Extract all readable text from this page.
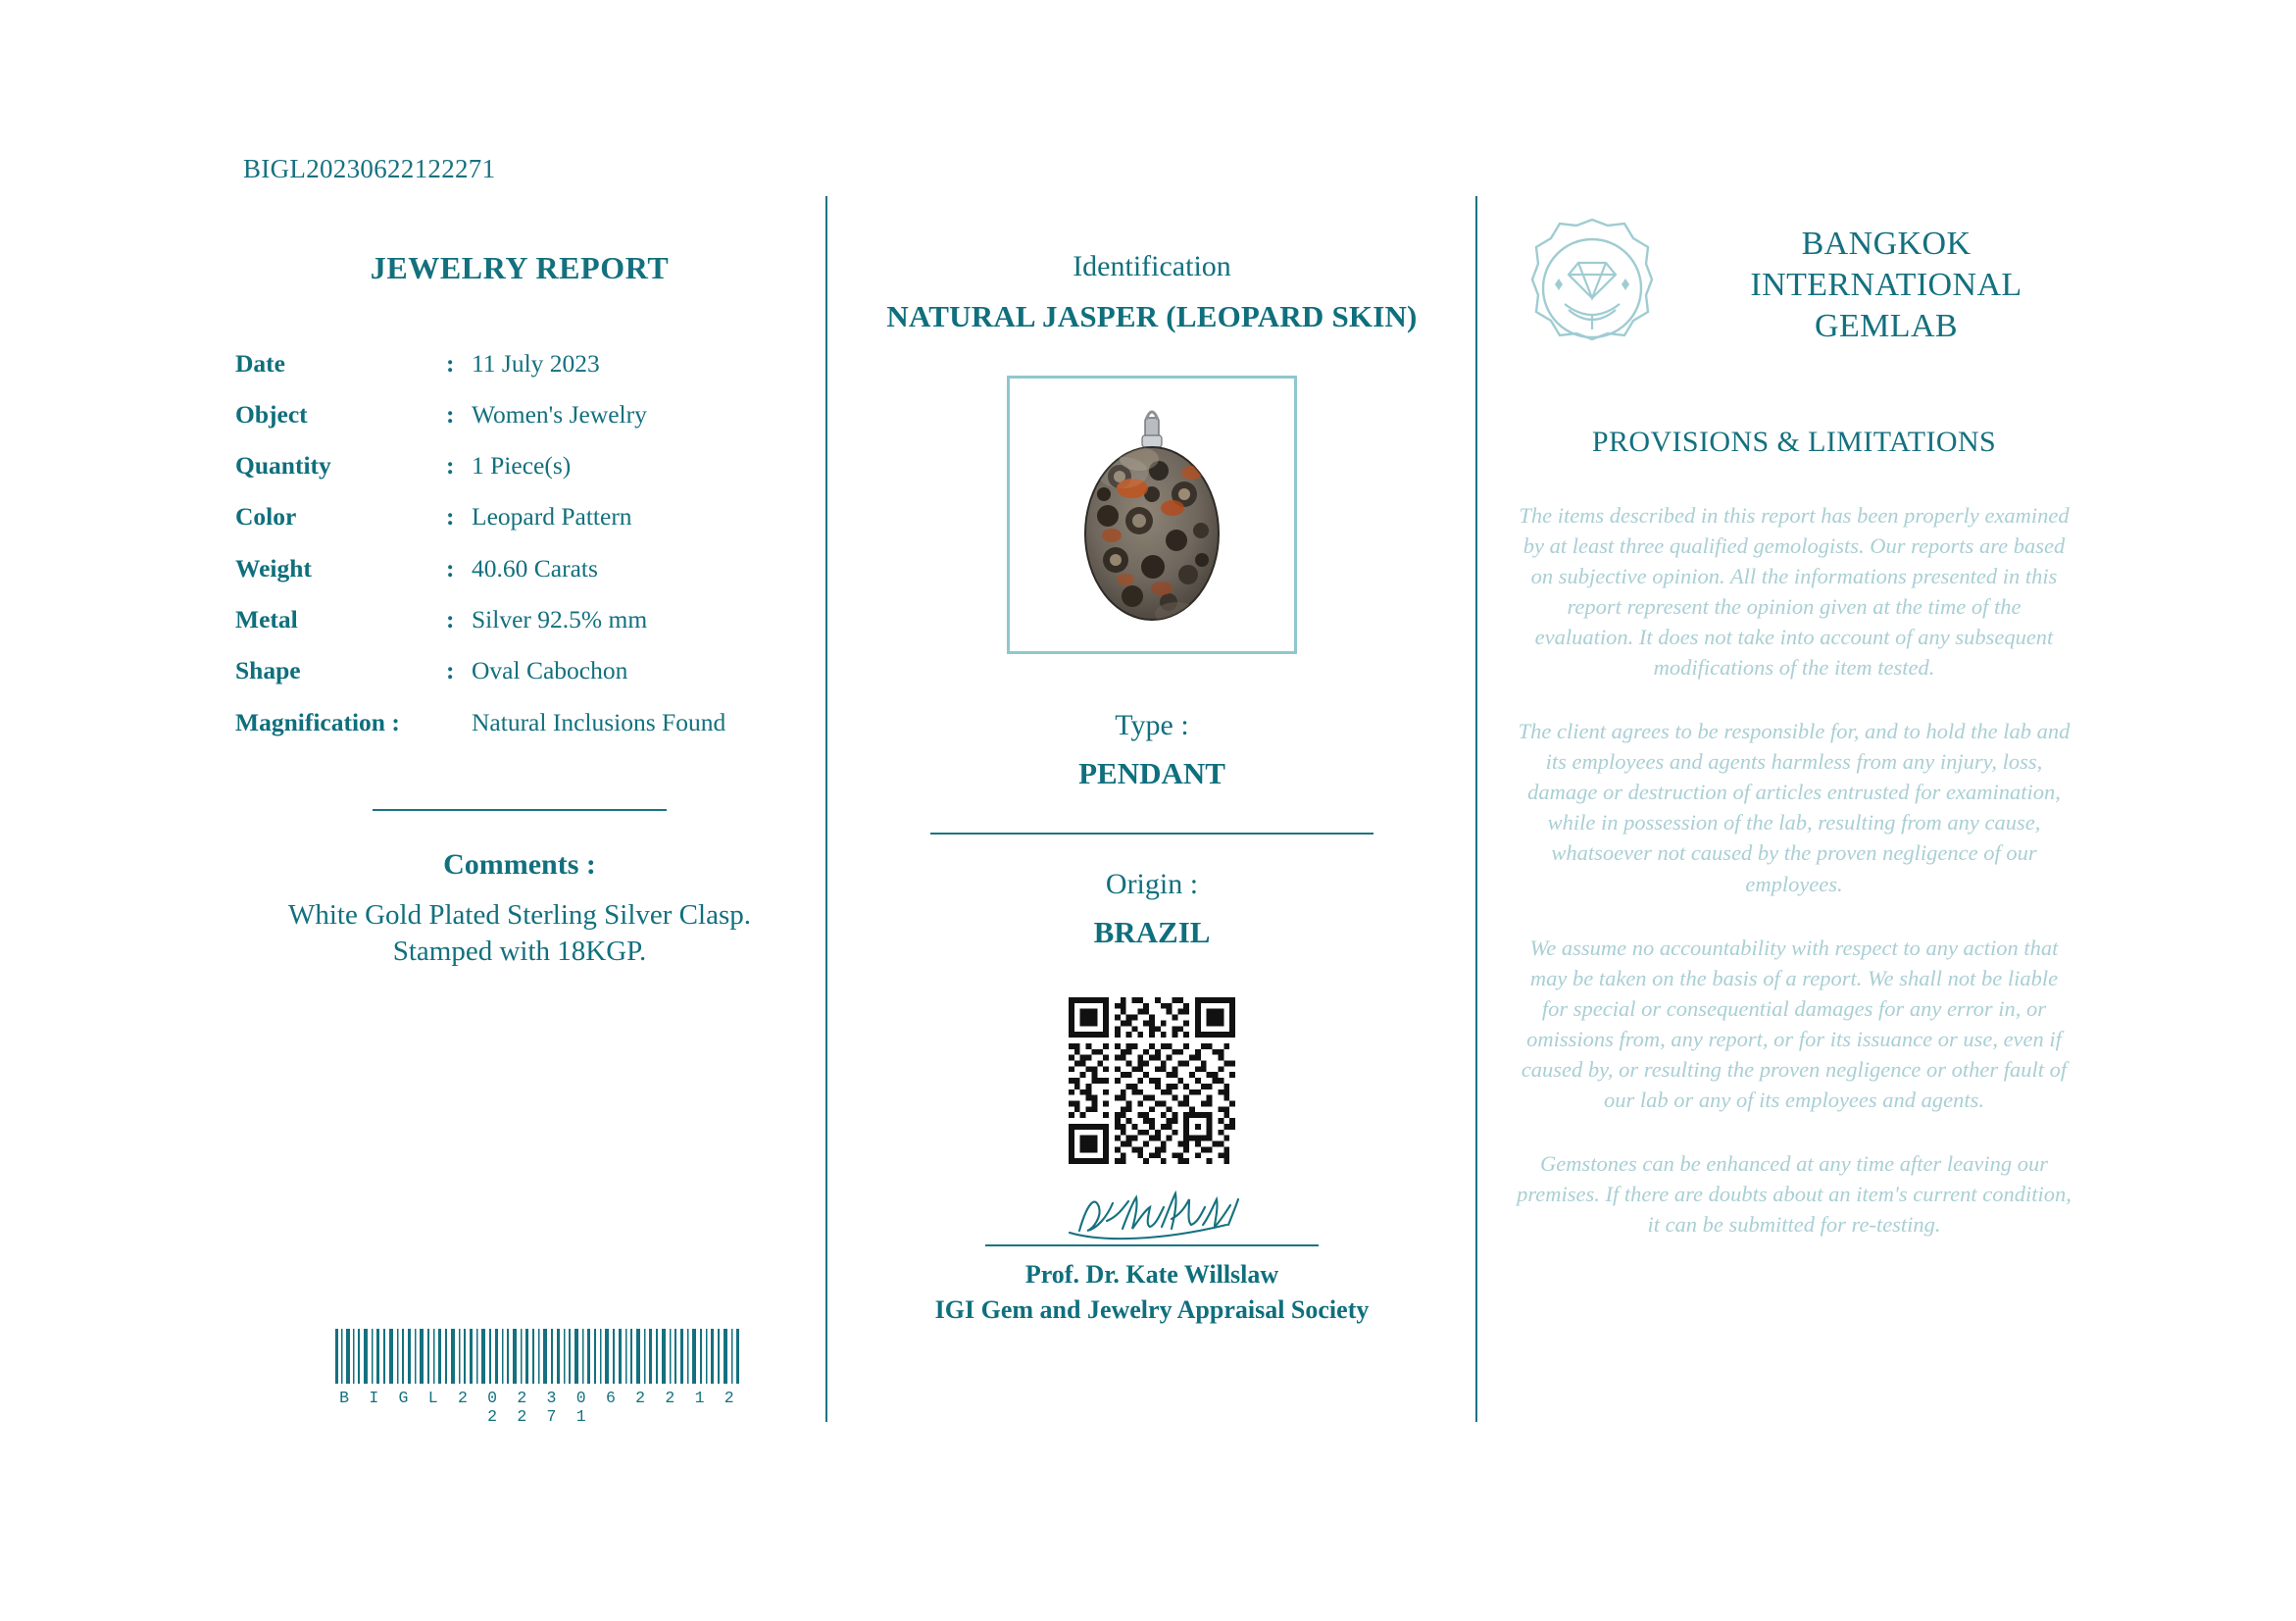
BIGL20230622122271
JEWELRY REPORT
Date	:	11 July 2023
Object	:	Women's Jewelry
Quantity	:	1 Piece(s)
Color	:	Leopard Pattern
Weight	:	40.60 Carats
Metal	:	Silver 92.5% mm
Shape	:	Oval Cabochon
Magnification :		Natural Inclusions Found
Comments :
White Gold Plated Sterling Silver Clasp.
Stamped with 18KGP.
B I G L 2 0 2 3 0 6 2 2 1 2 2 2 7 1
Identification
NATURAL JASPER (LEOPARD SKIN)
Type :
PENDANT
Origin :
BRAZIL
Prof. Dr. Kate Willslaw
IGI Gem and Jewelry Appraisal Society
BANGKOK
INTERNATIONAL
GEMLAB
PROVISIONS & LIMITATIONS
The items described in this report has been properly examined by at least three qualified gemologists. Our reports are based on subjective opinion. All the informations presented in this report represent the opinion given at the time of the evaluation. It does not take into account of any subsequent modifications of the item tested.
The client agrees to be responsible for, and to hold the lab and its employees and agents harmless from any injury, loss, damage or destruction of articles entrusted for examination, while in possession of the lab, resulting from any cause, whatsoever not caused by the proven negligence of our employees.
We assume no accountability with respect to any action that may be taken on the basis of a report. We shall not be liable for special or consequential damages for any error in, or omissions from, any report, or for its issuance or use, even if caused by, or resulting the proven negligence or other fault of our lab or any of its employees and agents.
Gemstones can be enhanced at any time after leaving our premises. If there are doubts about an item's current condition, it can be submitted for re-testing.
